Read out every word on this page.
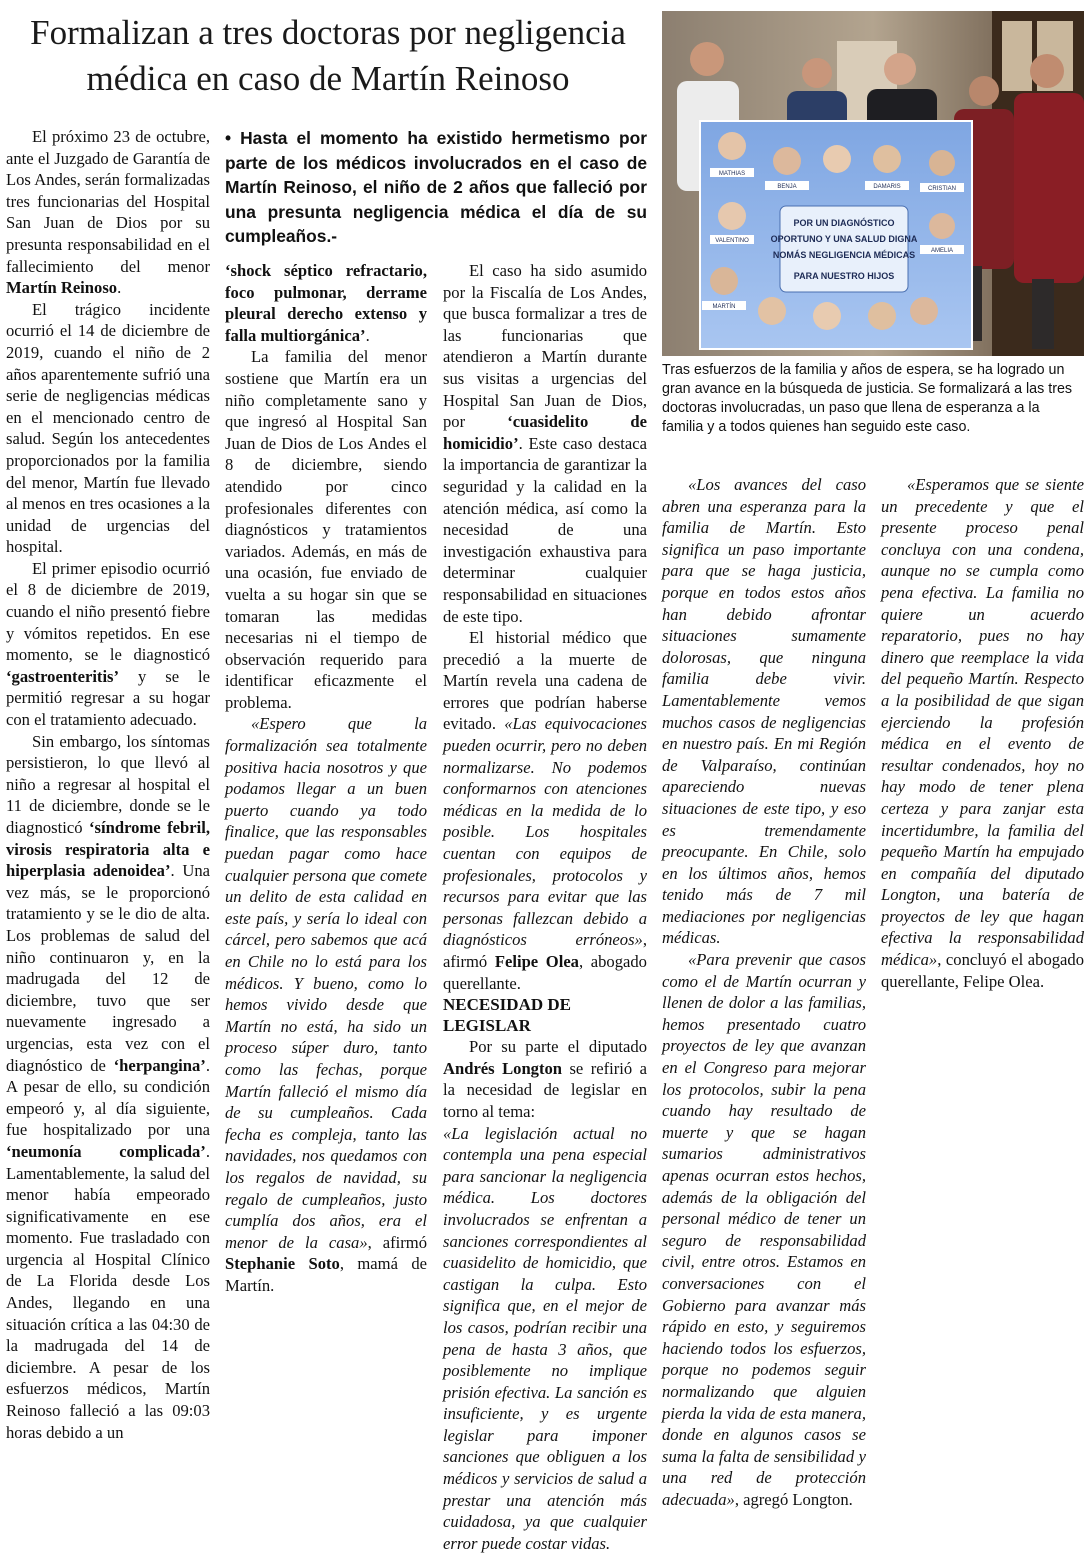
Formalizan a tres doctoras por negligencia médica en caso de Martín Reinoso

• Hasta el momento ha existido hermetismo por parte de los médicos involucrados en el caso de Martín Reinoso, el niño de 2 años que falleció por una presunta negligencia médica el día de su cumpleaños.-

POR UN DIAGNÓSTICO
OPORTUNO Y UNA SALUD DIGNA
NOMÁS NEGLIGENCIA MÉDICAS
PARA NUESTRO HIJOS
MATHIAS
BENJA	DAMARIS	CRISTIAN
VALENTINO
AMELIA
MARTÍN

Tras esfuerzos de la familia y años de espera, se ha logrado un gran avance en la búsqueda de justicia. Se formalizará a las tres doctoras involucradas, un paso que llena de esperanza a la familia y a todos quienes han seguido este caso.

El próximo 23 de octubre, ante el Juzgado de Garantía de Los Andes, serán formalizadas tres funcionarias del Hospital San Juan de Dios por su presunta responsabilidad en el fallecimiento del menor Martín Reinoso.

El trágico incidente ocurrió el 14 de diciembre de 2019, cuando el niño de 2 años aparentemente sufrió una serie de negligencias médicas en el mencionado centro de salud. Según los antecedentes proporcionados por la familia del menor, Martín fue llevado al menos en tres ocasiones a la unidad de urgencias del hospital.

El primer episodio ocurrió el 8 de diciembre de 2019, cuando el niño presentó fiebre y vómitos repetidos. En ese momento, se le diagnosticó ‘gastroenteritis’ y se le permitió regresar a su hogar con el tratamiento adecuado.

Sin embargo, los síntomas persistieron, lo que llevó al niño a regresar al hospital el 11 de diciembre, donde se le diagnosticó ‘síndrome febril, virosis respiratoria alta e hiperplasia adenoidea’. Una vez más, se le proporcionó tratamiento y se le dio de alta. Los problemas de salud del niño continuaron y, en la madrugada del 12 de diciembre, tuvo que ser nuevamente ingresado a urgencias, esta vez con el diagnóstico de ‘herpangina’. A pesar de ello, su condición empeoró y, al día siguiente, fue hospitalizado por una ‘neumonía complicada’. Lamentablemente, la salud del menor había empeorado significativamente en ese momento. Fue trasladado con urgencia al Hospital Clínico de La Florida desde Los Andes, llegando en una situación crítica a las 04:30 de la madrugada del 14 de diciembre. A pesar de los esfuerzos médicos, Martín Reinoso falleció a las 09:03 horas debido a un

‘shock séptico refractario, foco pulmonar, derrame pleural derecho extenso y falla multiorgánica’.

La familia del menor sostiene que Martín era un niño completamente sano y que ingresó al Hospital San Juan de Dios de Los Andes el 8 de diciembre, siendo atendido por cinco profesionales diferentes con diagnósticos y tratamientos variados. Además, en más de una ocasión, fue enviado de vuelta a su hogar sin que se tomaran las medidas necesarias ni el tiempo de observación requerido para identificar eficazmente el problema.

«Espero que la formalización sea totalmente positiva hacia nosotros y que podamos llegar a un buen puerto cuando ya todo finalice, que las responsables puedan pagar como hace cualquier persona que comete un delito de esta calidad en este país, y sería lo ideal con cárcel, pero sabemos que acá en Chile no lo está para los médicos. Y bueno, como lo hemos vivido desde que Martín no está, ha sido un proceso súper duro, tanto como las fechas, porque Martín falleció el mismo día de su cumpleaños. Cada fecha es compleja, tanto las navidades, nos quedamos con los regalos de navidad, su regalo de cumpleaños, justo cumplía dos años, era el menor de la casa», afirmó Stephanie Soto, mamá de Martín.

El caso ha sido asumido por la Fiscalía de Los Andes, que busca formalizar a tres de las funcionarias que atendieron a Martín durante sus visitas a urgencias del Hospital San Juan de Dios, por ‘cuasidelito de homicidio’. Este caso destaca la importancia de garantizar la seguridad y la calidad en la atención médica, así como la necesidad de una investigación exhaustiva para determinar cualquier responsabilidad en situaciones de este tipo.

El historial médico que precedió a la muerte de Martín revela una cadena de errores que podrían haberse evitado. «Las equivocaciones pueden ocurrir, pero no deben normalizarse. No podemos conformarnos con atenciones médicas en la medida de lo posible. Los hospitales cuentan con equipos de profesionales, protocolos y recursos para evitar que las personas fallezcan debido a diagnósticos erróneos», afirmó Felipe Olea, abogado querellante.

NECESIDAD DE LEGISLAR

Por su parte el diputado Andrés Longton se refirió a la necesidad de legislar en torno al tema:

«La legislación actual no contempla una pena especial para sancionar la negligencia médica. Los doctores involucrados se enfrentan a sanciones correspondientes al cuasidelito de homicidio, que castigan la culpa. Esto significa que, en el mejor de los casos, podrían recibir una pena de hasta 3 años, que posiblemente no implique prisión efectiva. La sanción es insuficiente, y es urgente legislar para imponer sanciones que obliguen a los médicos y servicios de salud a prestar una atención más cuidadosa, ya que cualquier error puede costar vidas.

«Los avances del caso abren una esperanza para la familia de Martín. Esto significa un paso importante para que se haga justicia, porque en todos estos años han debido afrontar situaciones sumamente dolorosas, que ninguna familia debe vivir. Lamentablemente vemos muchos casos de negligencias en nuestro país. En mi Región de Valparaíso, continúan apareciendo nuevas situaciones de este tipo, y eso es tremendamente preocupante. En Chile, solo en los últimos años, hemos tenido más de 7 mil mediaciones por negligencias médicas.

«Para prevenir que casos como el de Martín ocurran y llenen de dolor a las familias, hemos presentado cuatro proyectos de ley que avanzan en el Congreso para mejorar los protocolos, subir la pena cuando hay resultado de muerte y que se hagan sumarios administrativos apenas ocurran estos hechos, además de la obligación del personal médico de tener un seguro de responsabilidad civil, entre otros. Estamos en conversaciones con el Gobierno para avanzar más rápido en esto, y seguiremos haciendo todos los esfuerzos, porque no podemos seguir normalizando que alguien pierda la vida de esta manera, donde en algunos casos se suma la falta de sensibilidad y una red de protección adecuada», agregó Longton.

«Esperamos que se siente un precedente y que el presente proceso penal concluya con una condena, aunque no se cumpla como pena efectiva. La familia no quiere un acuerdo reparatorio, pues no hay dinero que reemplace la vida del pequeño Martín. Respecto a la posibilidad de que sigan ejerciendo la profesión médica en el evento de resultar condenados, hoy no hay modo de tener plena certeza y para zanjar esta incertidumbre, la familia del pequeño Martín ha empujado en compañía del diputado Longton, una batería de proyectos de ley que hagan efectiva la responsabilidad médica», concluyó el abogado querellante, Felipe Olea.
